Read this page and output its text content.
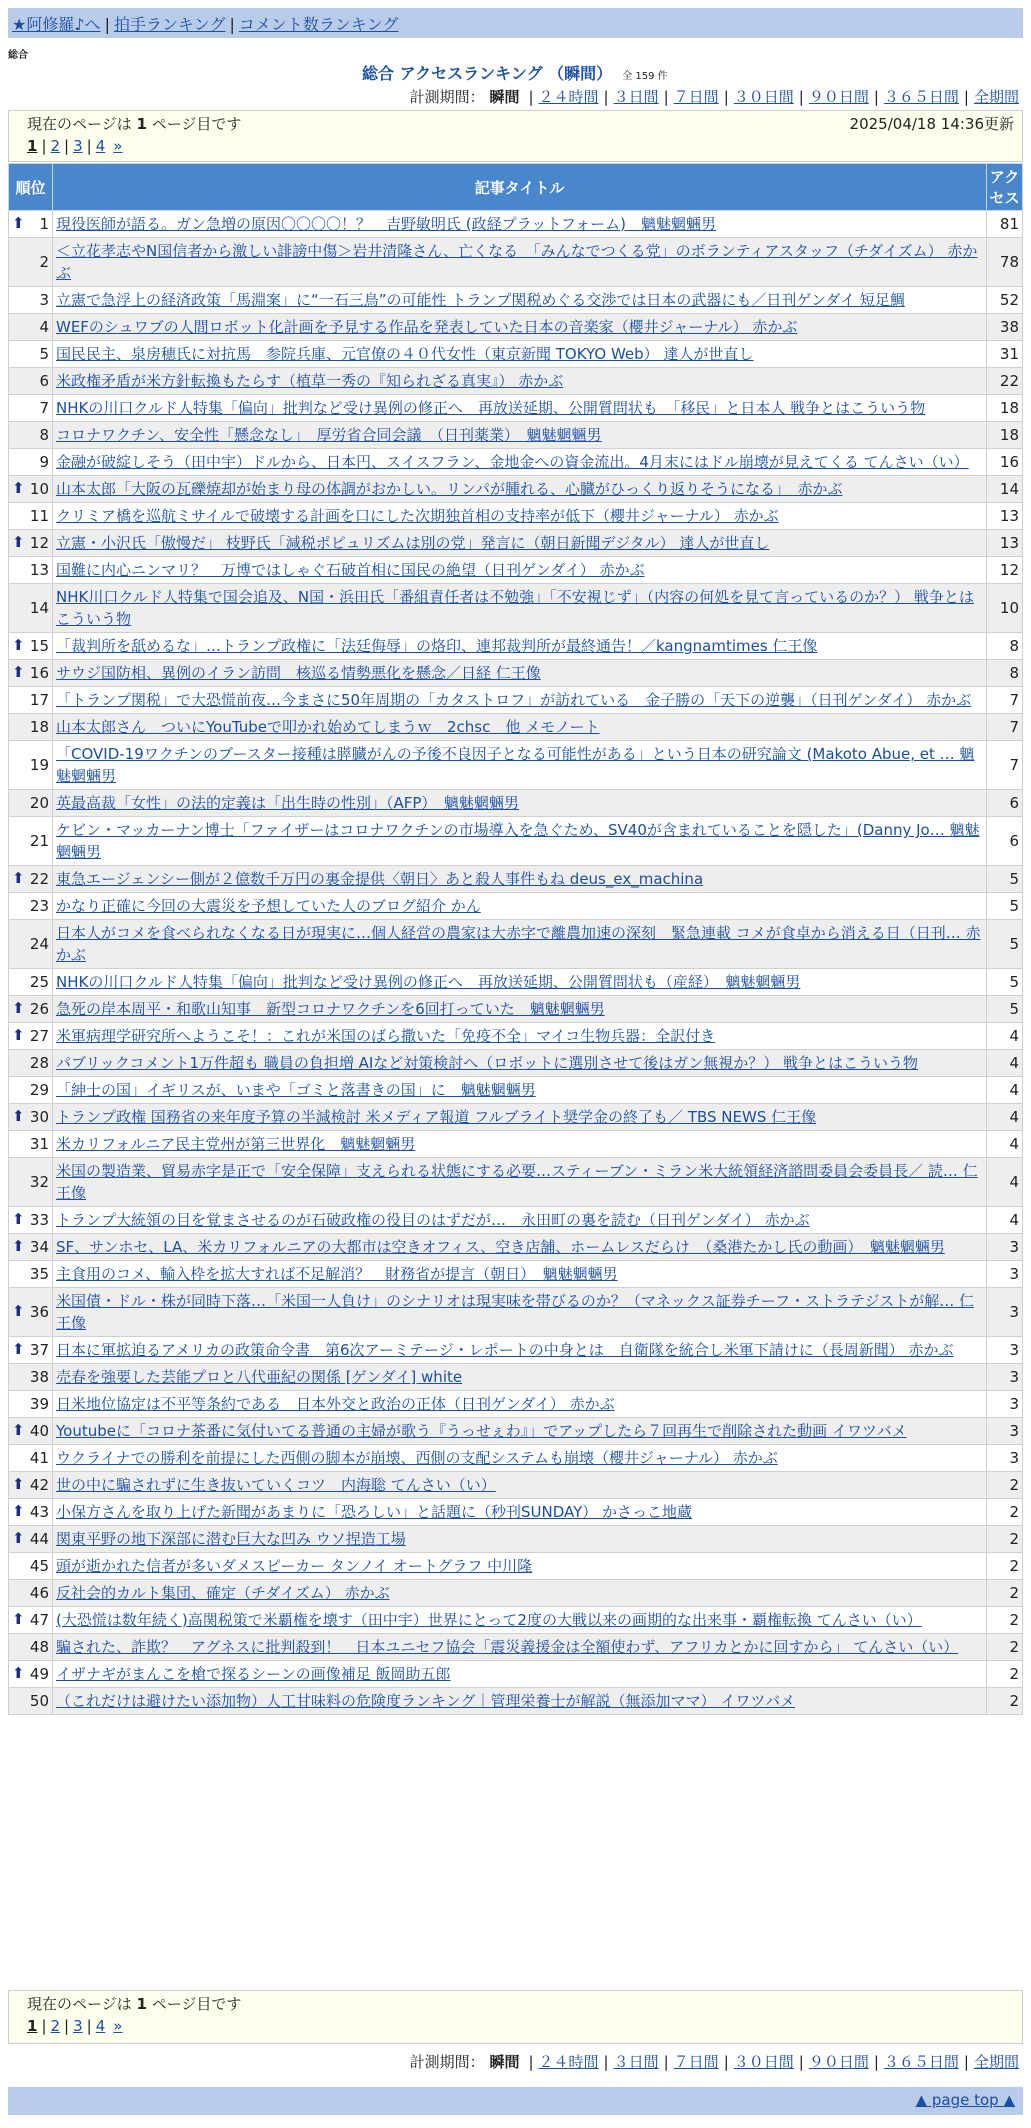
★阿修羅♪へ | 拍手ランキング | コメント数ランキング
総合
総合 アクセスランキング （瞬間） 全 159 件
計測期間： 瞬間 | ２４時間 | ３日間 | ７日間 | ３０日間 | ９０日間 | ３６５日間 | 全期間
現在のページは 1 ページ目です	2025/04/18 14:36更新
1 | 2 | 3 | 4 »
順位	記事タイトル	アクセス

⬆ 1	現役医師が語る。ガン急増の原因〇〇〇〇！？　吉野敏明氏 (政経プラットフォーム)　魑魅魍魎男	81
2	＜立花孝志やN国信者から激しい誹謗中傷＞岩井清隆さん、亡くなる　「みんなでつくる党」のボランティアスタッフ（チダイズム） 赤かぶ	78
3	立憲で急浮上の経済政策「馬淵案」に“一石三鳥”の可能性 トランプ関税めぐる交渉では日本の武器にも／日刊ゲンダイ 短足鯛	52
4	WEFのシュワブの人間ロボット化計画を予見する作品を発表していた日本の音楽家（櫻井ジャーナル） 赤かぶ	38
5	国民民主、泉房穂氏に対抗馬　参院兵庫、元官僚の４０代女性（東京新聞 TOKYO Web） 達人が世直し	31
6	米政権矛盾が米方針転換もたらす（植草一秀の『知られざる真実』） 赤かぶ	22
7	NHKの川口クルド人特集「偏向」批判など受け異例の修正へ　再放送延期、公開質問状も　「移民」と日本人 戦争とはこういう物	18
8	コロナワクチン、安全性「懸念なし」　厚労省合同会議　（日刊薬業）　魑魅魍魎男	18
9	金融が破綻しそう（田中宇）ドルから、日本円、スイスフラン、金地金への資金流出。4月末にはドル崩壊が見えてくる てんさい（い）	16

⬆ 10	山本太郎「大阪の瓦礫焼却が始まり母の体調がおかしい。リンパが腫れる、心臓がひっくり返りそうになる」　赤かぶ	14
11	クリミア橋を巡航ミサイルで破壊する計画を口にした次期独首相の支持率が低下（櫻井ジャーナル） 赤かぶ	13

⬆ 12	立憲・小沢氏「傲慢だ」 枝野氏「減税ポピュリズムは別の党」発言に（朝日新聞デジタル） 達人が世直し	13
13	国難に内心ニンマリ？　万博ではしゃぐ石破首相に国民の絶望（日刊ゲンダイ） 赤かぶ	12
14	NHK川口クルド人特集で国会追及、N国・浜田氏「番組責任者は不勉強」「不安視じず」（内容の何処を見て言っているのか？） 戦争とはこういう物	10

⬆ 15	「裁判所を舐めるな」…トランプ政権に「法廷侮辱」の烙印、連邦裁判所が最終通告！／kangnamtimes 仁王像	8

⬆ 16	サウジ国防相、異例のイラン訪問　核巡る情勢悪化を懸念／日経 仁王像	8
17	「トランプ関税」で大恐慌前夜…今まさに50年周期の「カタストロフ」が訪れている　金子勝の「天下の逆襲」（日刊ゲンダイ） 赤かぶ	7
18	山本太郎さん　ついにYouTubeで叩かれ始めてしまうｗ　2chsc　他 メモノート	7
19	「COVID-19ワクチンのブースター接種は膵臓がんの予後不良因子となる可能性がある」という日本の研究論文 (Makoto Abue, et … 魑魅魍魎男	7
20	英最高裁「女性」の法的定義は「出生時の性別」（AFP）　魑魅魍魎男	6
21	ケビン・マッカーナン博士「ファイザーはコロナワクチンの市場導入を急ぐため、SV40が含まれていることを隠した」(Danny Jo… 魑魅魍魎男	6

⬆ 22	東急エージェンシー側が２億数千万円の裏金提供〈朝日〉あと殺人事件もね deus_ex_machina	5
23	かなり正確に今回の大震災を予想していた人のブログ紹介 かん	5
24	日本人がコメを食べられなくなる日が現実に…個人経営の農家は大赤字で離農加速の深刻　緊急連載 コメが食卓から消える日（日刊… 赤かぶ	5
25	NHKの川口クルド人特集「偏向」批判など受け異例の修正へ　再放送延期、公開質問状も（産経）　魑魅魍魎男	5

⬆ 26	急死の岸本周平・和歌山知事　新型コロナワクチンを6回打っていた　魑魅魍魎男	5

⬆ 27	米軍病理学研究所へようこそ！：これが米国のばら撒いた「免疫不全」マイコ生物兵器：全訳付き	4
28	パブリックコメント1万件超も 職員の負担増 AIなど対策検討へ（ロボットに選別させて後はガン無視か？） 戦争とはこういう物	4
29	「紳士の国」イギリスが、いまや「ゴミと落書きの国」に　魑魅魍魎男	4

⬆ 30	トランプ政権 国務省の来年度予算の半減検討 米メディア報道 フルブライト奨学金の終了も／ TBS NEWS 仁王像	4
31	米カリフォルニア民主党州が第三世界化　魑魅魍魎男	4
32	米国の製造業、貿易赤字是正で「安全保障」支えられる状態にする必要…スティーブン・ミラン米大統領経済諮問委員会委員長／ 読… 仁王像	4

⬆ 33	トランプ大統領の目を覚まさせるのが石破政権の役目のはずだが…　永田町の裏を読む（日刊ゲンダイ） 赤かぶ	4

⬆ 34	SF、サンホセ、LA、米カリフォルニアの大都市は空きオフィス、空き店舗、ホームレスだらけ　（桑港たかし氏の動画）　魑魅魍魎男	3
35	主食用のコメ、輸入枠を拡大すれば不足解消？　財務省が提言（朝日）　魑魅魍魎男	3

⬆ 36	米国債・ドル・株が同時下落…「米国一人負け」のシナリオは現実味を帯びるのか？（マネックス証券チーフ・ストラテジストが解… 仁王像	3

⬆ 37	日本に軍拡迫るアメリカの政策命令書　第6次アーミテージ・レポートの中身とは　自衛隊を統合し米軍下請けに（長周新聞） 赤かぶ	3
38	売春を強要した芸能プロと八代亜紀の関係 [ゲンダイ] white	3
39	日米地位協定は不平等条約である　日本外交と政治の正体（日刊ゲンダイ） 赤かぶ	3

⬆ 40	Youtubeに「コロナ茶番に気付いてる普通の主婦が歌う『うっせぇわ』」でアップしたら７回再生で削除された動画 イワツバメ	3
41	ウクライナでの勝利を前提にした西側の脚本が崩壊、西側の支配システムも崩壊（櫻井ジャーナル） 赤かぶ	3

⬆ 42	世の中に騙されずに生き抜いていくコツ　内海聡 てんさい（い）	2

⬆ 43	小保方さんを取り上げた新聞があまりに「恐ろしい」と話題に（秒刊SUNDAY） かさっこ地蔵	2

⬆ 44	関東平野の地下深部に潜む巨大な凹み ウソ捏造工場	2
45	頭が逝かれた信者が多いダメスピーカー タンノイ オートグラフ 中川隆	2
46	反社会的カルト集団、確定（チダイズム） 赤かぶ	2

⬆ 47	(大恐慌は数年続く)高関税策で米覇権を壊す（田中宇）世界にとって2度の大戦以来の画期的な出来事・覇権転換 てんさい（い）	2
48	騙された、詐欺？　アグネスに批判殺到！　日本ユニセフ協会「震災義援金は全額使わず、アフリカとかに回すから」 てんさい（い）	2

⬆ 49	イザナギがまんこを槍で探るシーンの画像補足 飯岡助五郎	2
50	（これだけは避けたい添加物）人工甘味料の危険度ランキング｜管理栄養士が解説（無添加ママ） イワツバメ	2
現在のページは 1 ページ目です
1 | 2 | 3 | 4 »
計測期間： 瞬間 | ２４時間 | ３日間 | ７日間 | ３０日間 | ９０日間 | ３６５日間 | 全期間
▲ page top ▲
